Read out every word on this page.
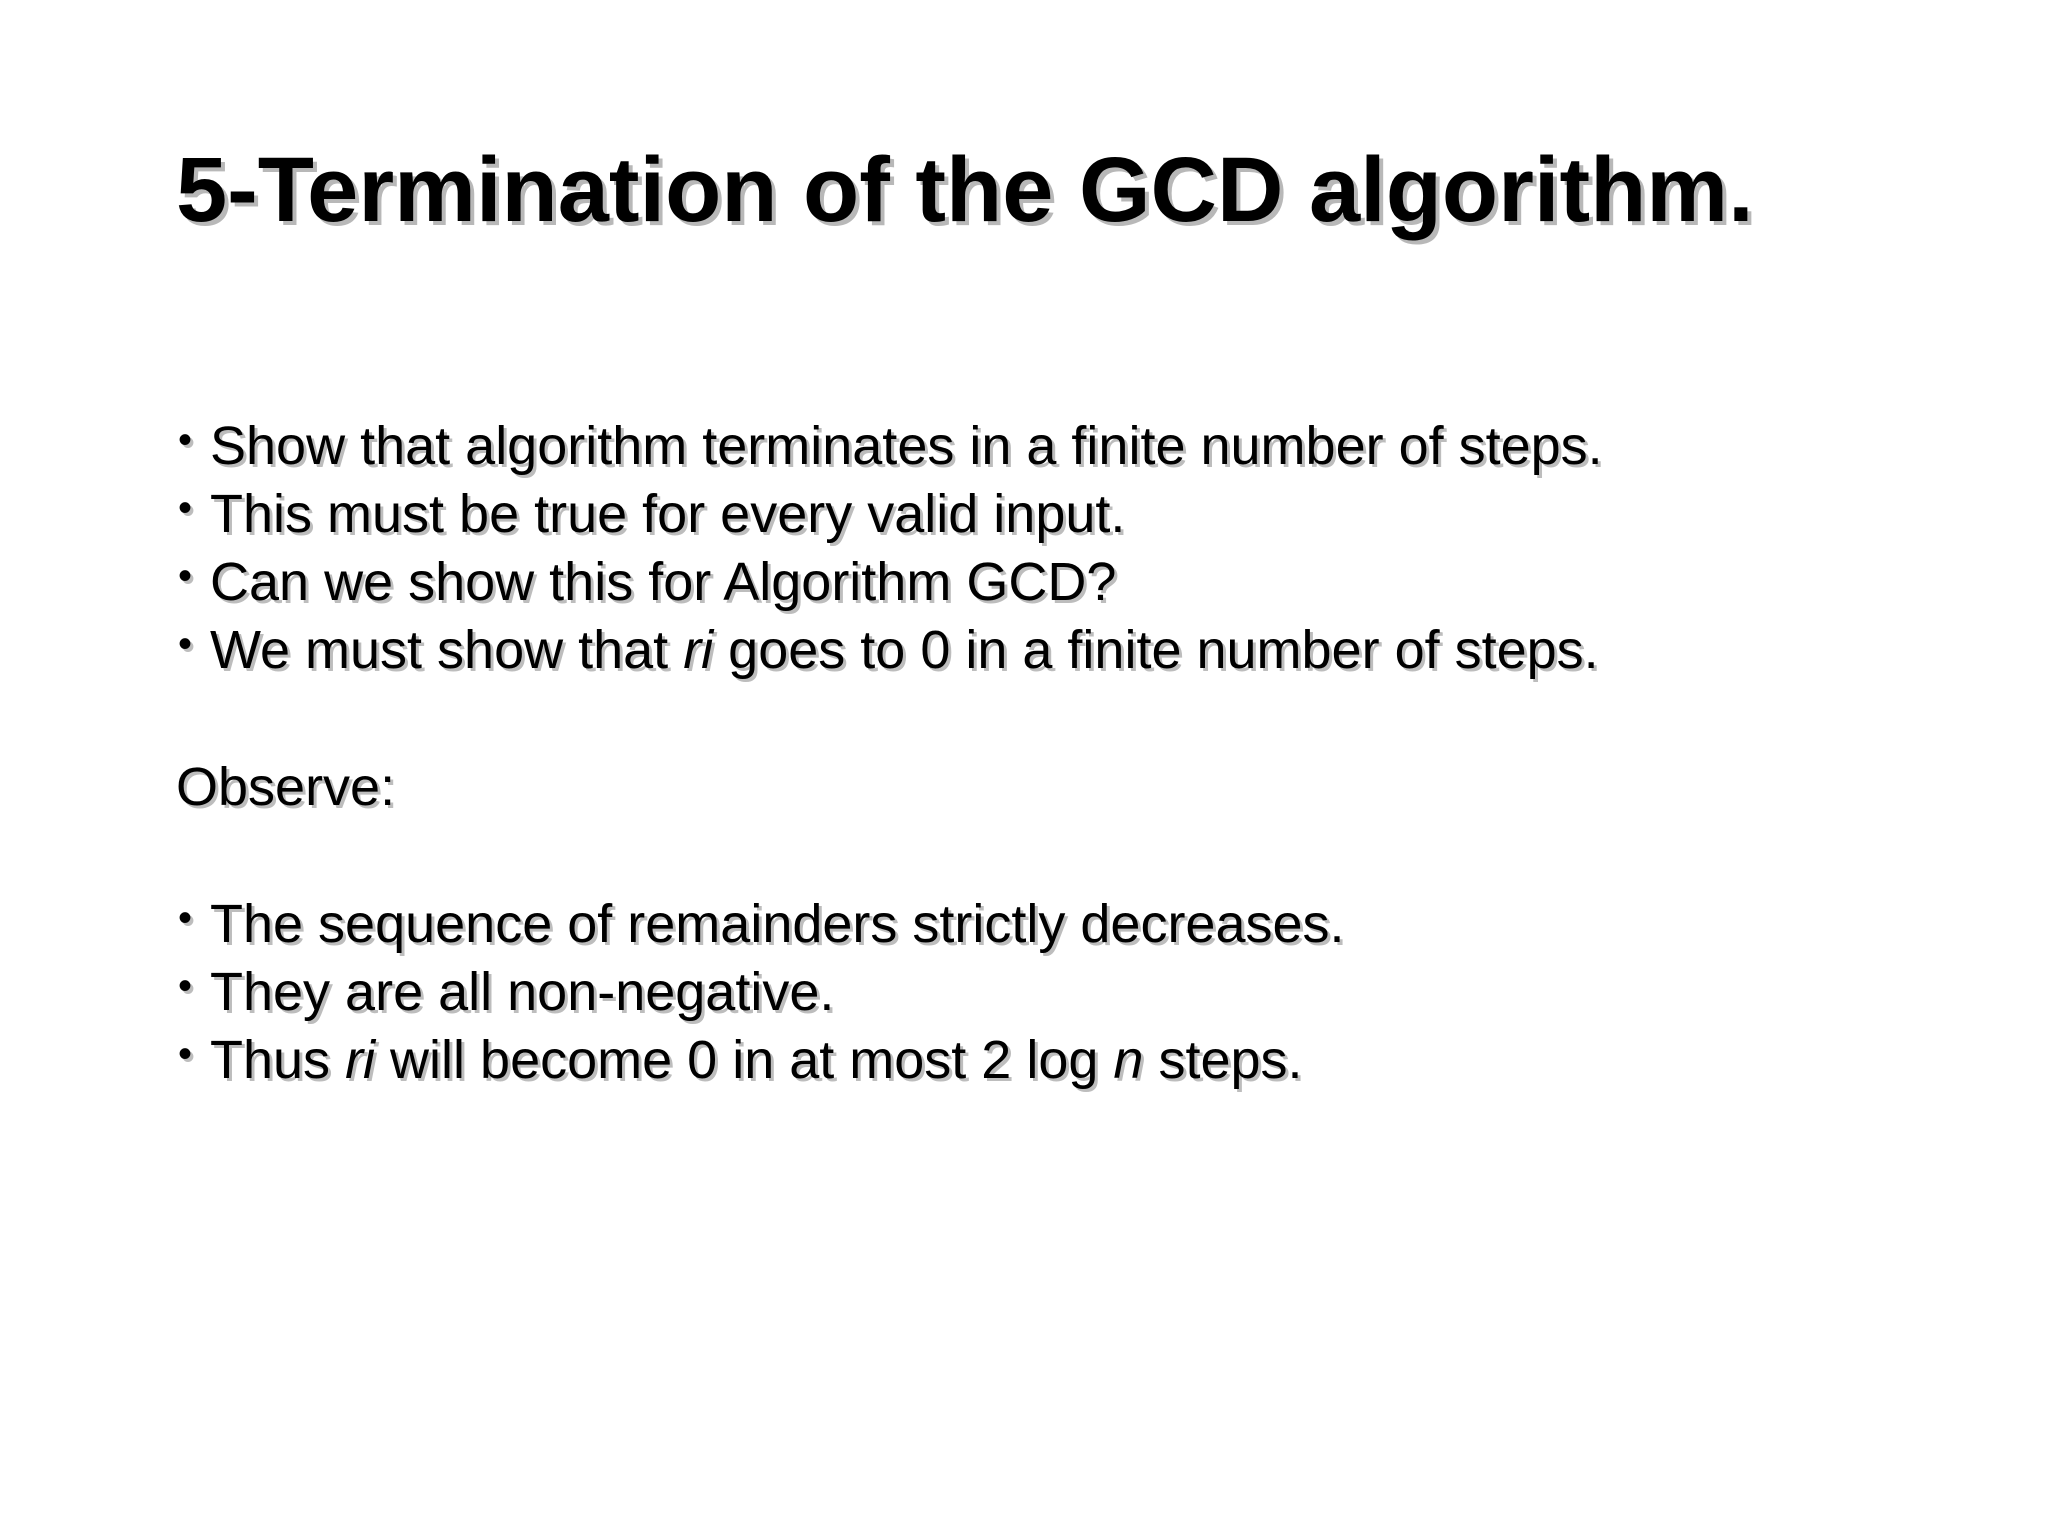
5-Termination of the GCD algorithm.
• Show that algorithm terminates in a finite number of steps.
• This must be true for every valid input.
• Can we show this for Algorithm GCD?
• We must show that ri goes to 0 in a finite number of steps.
Observe:
• The sequence of remainders strictly decreases.
• They are all non-negative.
• Thus ri will become 0 in at most 2 log n steps.
